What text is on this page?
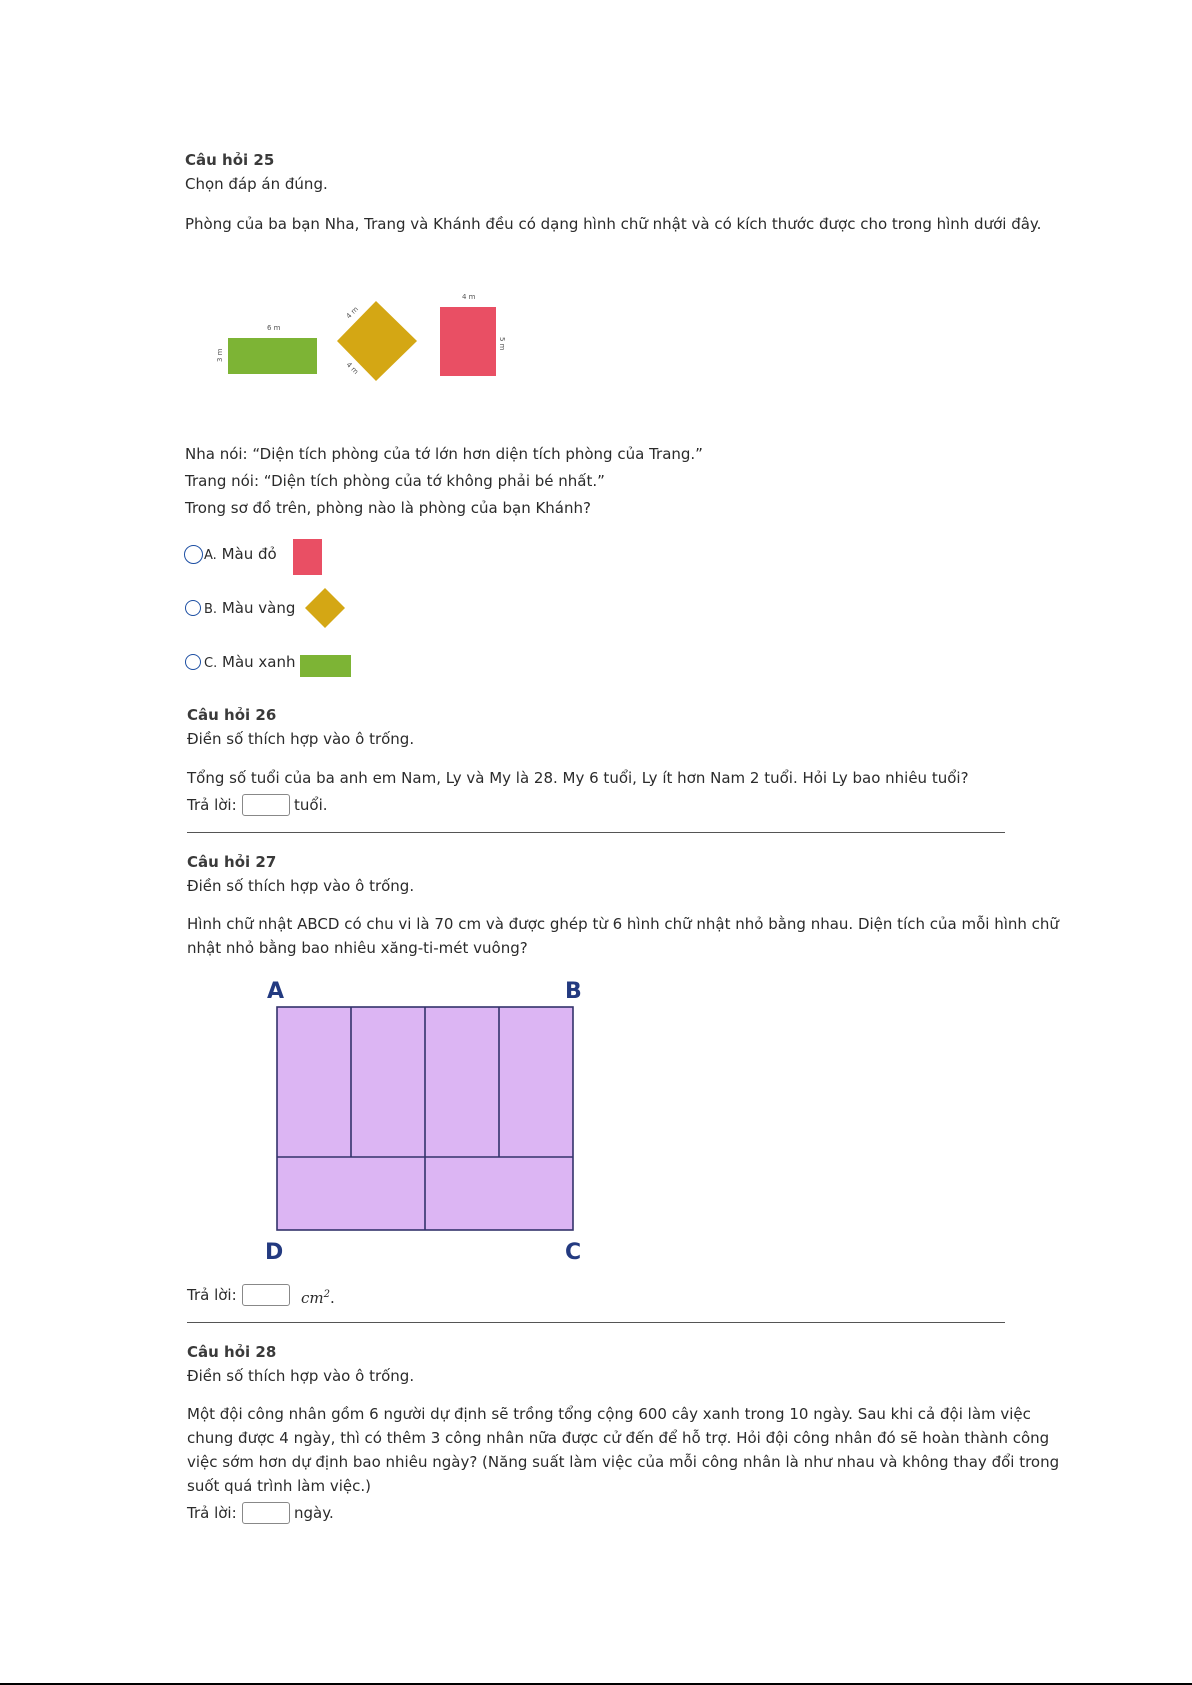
Câu hỏi 25
Chọn đáp án đúng.
Phòng của ba bạn Nha, Trang và Khánh đều có dạng hình chữ nhật và có kích thước được cho trong hình dưới đây.
6 m
3 m
4 m
4 m
4 m
5 m
Nha nói: “Diện tích phòng của tớ lớn hơn diện tích phòng của Trang.”
Trang nói: “Diện tích phòng của tớ không phải bé nhất.”
Trong sơ đồ trên, phòng nào là phòng của bạn Khánh?
A. Màu đỏ
B. Màu vàng
C. Màu xanh
Câu hỏi 26
Điền số thích hợp vào ô trống.
Tổng số tuổi của ba anh em Nam, Ly và My là 28. My 6 tuổi, Ly ít hơn Nam 2 tuổi. Hỏi Ly bao nhiêu tuổi?
Trả lời:	tuổi.
Câu hỏi 27
Điền số thích hợp vào ô trống.
Hình chữ nhật ABCD có chu vi là 70 cm và được ghép từ 6 hình chữ nhật nhỏ bằng nhau. Diện tích của mỗi hình chữ
nhật nhỏ bằng bao nhiêu xăng-ti-mét vuông?
A	B
D	C
Trả lời:	$cm^2$.
Câu hỏi 28
Điền số thích hợp vào ô trống.
Một đội công nhân gồm 6 người dự định sẽ trồng tổng cộng 600 cây xanh trong 10 ngày. Sau khi cả đội làm việc
chung được 4 ngày, thì có thêm 3 công nhân nữa được cử đến để hỗ trợ. Hỏi đội công nhân đó sẽ hoàn thành công
việc sớm hơn dự định bao nhiêu ngày? (Năng suất làm việc của mỗi công nhân là như nhau và không thay đổi trong
suốt quá trình làm việc.)
Trả lời:	ngày.
